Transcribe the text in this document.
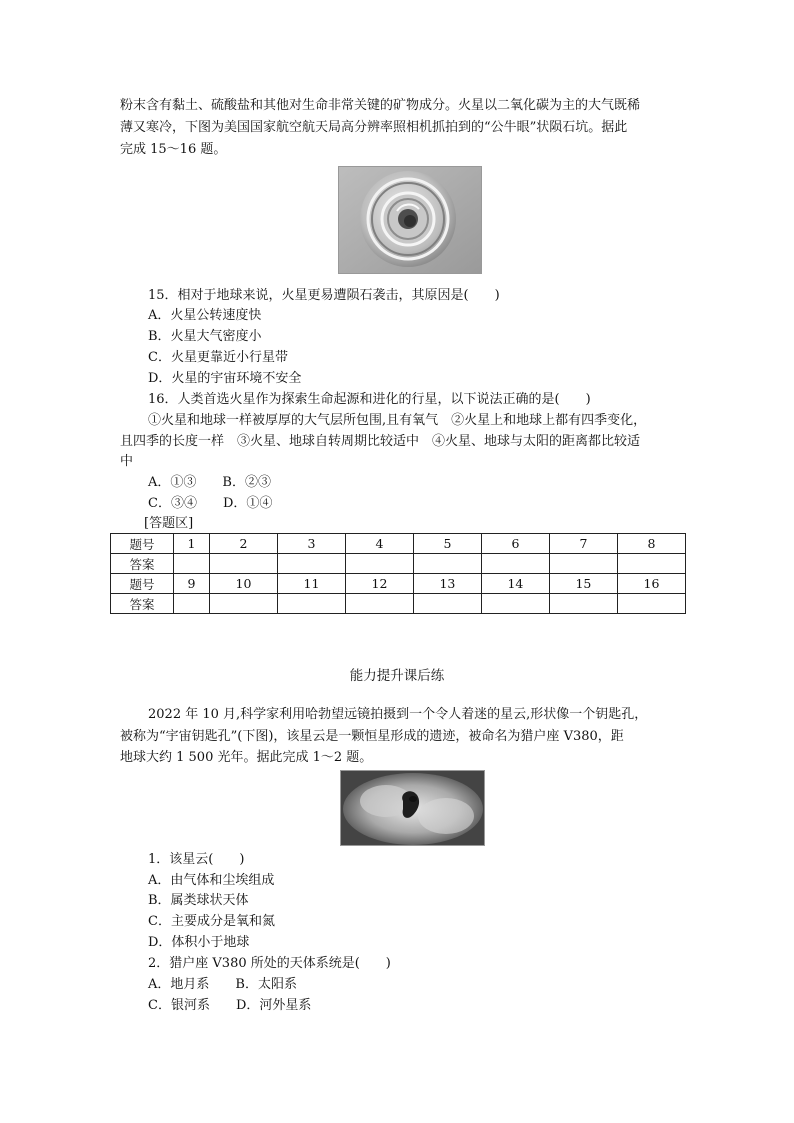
粉末含有黏土、硫酸盐和其他对生命非常关键的矿物成分。火星以二氧化碳为主的大气既稀
薄又寒冷，下图为美国国家航空航天局高分辨率照相机抓拍到的“公牛眼”状陨石坑。据此
完成 15～16 题。
15．相对于地球来说，火星更易遭陨石袭击，其原因是(　　)
A．火星公转速度快
B．火星大气密度小
C．火星更靠近小行星带
D．火星的宇宙环境不安全
16．人类首选火星作为探索生命起源和进化的行星，以下说法正确的是(　　)
①火星和地球一样被厚厚的大气层所包围,且有氧气　②火星上和地球上都有四季变化，
且四季的长度一样　③火星、地球自转周期比较适中　④火星、地球与太阳的距离都比较适
中
A．①③　　B．②③
C．③④　　D．①④
[答题区]
题号	1	2	3	4	5	6	7	8
答案								
题号	9	10	11	12	13	14	15	16
答案								
能力提升课后练
2022 年 10 月,科学家利用哈勃望远镜拍摄到一个令人着迷的星云,形状像一个钥匙孔，
被称为“宇宙钥匙孔”(下图)，该星云是一颗恒星形成的遗迹，被命名为猎户座 V380，距
地球大约 1 500 光年。据此完成 1～2 题。
1．该星云(　　)
A．由气体和尘埃组成
B．属类球状天体
C．主要成分是氧和氮
D．体积小于地球
2．猎户座 V380 所处的天体系统是(　　)
A．地月系　　B．太阳系
C．银河系　　D．河外星系
